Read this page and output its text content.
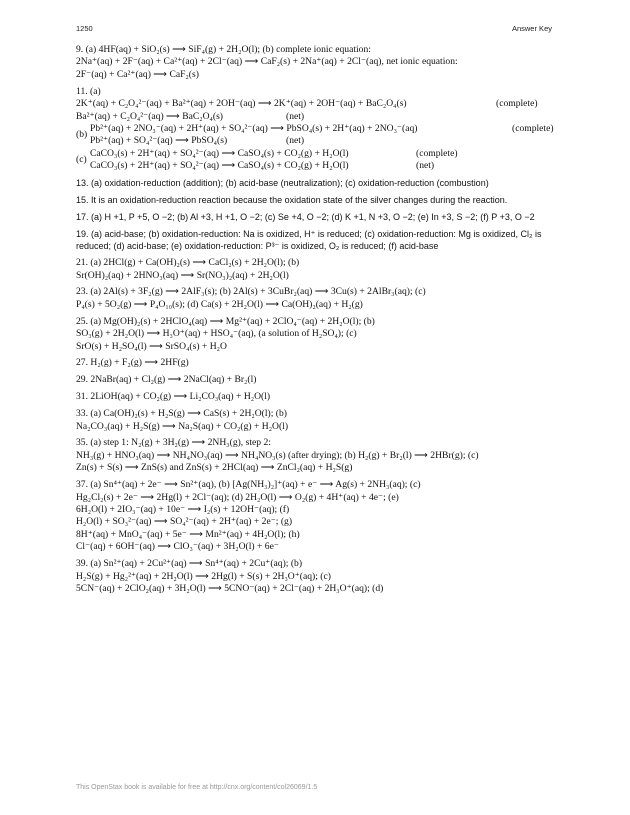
1250	Answer Key
9. (a) 4HF(aq) + SiO₂(s) ⟶ SiF₄(g) + 2H₂O(l); (b) complete ionic equation:
2Na⁺(aq) + 2F⁻(aq) + Ca²⁺(aq) + 2Cl⁻(aq) ⟶ CaF₂(s) + 2Na⁺(aq) + 2Cl⁻(aq), net ionic equation:
2F⁻(aq) + Ca²⁺(aq) ⟶ CaF₂(s)
11. (a)
2K⁺(aq) + C₂O₄²⁻(aq) + Ba²⁺(aq) + 2OH⁻(aq) ⟶ 2K⁺(aq) + 2OH⁻(aq) + BaC₂O₄(s)	(complete)
Ba²⁺(aq) + C₂O₄²⁻(aq) ⟶ BaC₂O₄(s)	(net)
(b)
Pb²⁺(aq) + 2NO₃⁻(aq) + 2H⁺(aq) + SO₄²⁻(aq) ⟶ PbSO₄(s) + 2H⁺(aq) + 2NO₃⁻(aq)	(complete)
Pb²⁺(aq) + SO₄²⁻(aq) ⟶ PbSO₄(s)	(net)
(c)
CaCO₃(s) + 2H⁺(aq) + SO₄²⁻(aq) ⟶ CaSO₄(s) + CO₂(g) + H₂O(l)	(complete)
CaCO₃(s) + 2H⁺(aq) + SO₄²⁻(aq) ⟶ CaSO₄(s) + CO₂(g) + H₂O(l)	(net)
13. (a) oxidation-reduction (addition); (b) acid-base (neutralization); (c) oxidation-reduction (combustion)
15. It is an oxidation-reduction reaction because the oxidation state of the silver changes during the reaction.
17. (a) H +1, P +5, O −2; (b) Al +3, H +1, O −2; (c) Se +4, O −2; (d) K +1, N +3, O −2; (e) In +3, S −2; (f) P +3, O −2
19. (a) acid-base; (b) oxidation-reduction: Na is oxidized, H⁺ is reduced; (c) oxidation-reduction: Mg is oxidized, Cl₂ is reduced; (d) acid-base; (e) oxidation-reduction: P³⁻ is oxidized, O₂ is reduced; (f) acid-base
21. (a) 2HCl(g) + Ca(OH)₂(s) ⟶ CaCl₂(s) + 2H₂O(l); (b)
Sr(OH)₂(aq) + 2HNO₃(aq) ⟶ Sr(NO₃)₂(aq) + 2H₂O(l)
23. (a) 2Al(s) + 3F₂(g) ⟶ 2AlF₃(s); (b) 2Al(s) + 3CuBr₂(aq) ⟶ 3Cu(s) + 2AlBr₃(aq); (c)
P₄(s) + 5O₂(g) ⟶ P₄O₁₀(s); (d) Ca(s) + 2H₂O(l) ⟶ Ca(OH)₂(aq) + H₂(g)
25. (a) Mg(OH)₂(s) + 2HClO₄(aq) ⟶ Mg²⁺(aq) + 2ClO₄⁻(aq) + 2H₂O(l); (b)
SO₃(g) + 2H₂O(l) ⟶ H₃O⁺(aq) + HSO₄⁻(aq), (a solution of H₂SO₄); (c)
SrO(s) + H₂SO₄(l) ⟶ SrSO₄(s) + H₂O
27. H₂(g) + F₂(g) ⟶ 2HF(g)
29. 2NaBr(aq) + Cl₂(g) ⟶ 2NaCl(aq) + Br₂(l)
31. 2LiOH(aq) + CO₂(g) ⟶ Li₂CO₃(aq) + H₂O(l)
33. (a) Ca(OH)₂(s) + H₂S(g) ⟶ CaS(s) + 2H₂O(l); (b)
Na₂CO₃(aq) + H₂S(g) ⟶ Na₂S(aq) + CO₂(g) + H₂O(l)
35. (a) step 1: N₂(g) + 3H₂(g) ⟶ 2NH₃(g), step 2:
NH₃(g) + HNO₃(aq) ⟶ NH₄NO₃(aq) ⟶ NH₄NO₃(s) (after drying); (b) H₂(g) + Br₂(l) ⟶ 2HBr(g); (c)
Zn(s) + S(s) ⟶ ZnS(s) and ZnS(s) + 2HCl(aq) ⟶ ZnCl₂(aq) + H₂S(g)
37. (a) Sn⁴⁺(aq) + 2e⁻ ⟶ Sn²⁺(aq), (b) [Ag(NH₃)₂]⁺(aq) + e⁻ ⟶ Ag(s) + 2NH₃(aq); (c)
Hg₂Cl₂(s) + 2e⁻ ⟶ 2Hg(l) + 2Cl⁻(aq); (d) 2H₂O(l) ⟶ O₂(g) + 4H⁺(aq) + 4e⁻; (e)
6H₂O(l) + 2IO₃⁻(aq) + 10e⁻ ⟶ I₂(s) + 12OH⁻(aq); (f)
H₂O(l) + SO₃²⁻(aq) ⟶ SO₄²⁻(aq) + 2H⁺(aq) + 2e⁻; (g)
8H⁺(aq) + MnO₄⁻(aq) + 5e⁻ ⟶ Mn²⁺(aq) + 4H₂O(l); (h)
Cl⁻(aq) + 6OH⁻(aq) ⟶ ClO₃⁻(aq) + 3H₂O(l) + 6e⁻
39. (a) Sn²⁺(aq) + 2Cu²⁺(aq) ⟶ Sn⁴⁺(aq) + 2Cu⁺(aq); (b)
H₂S(g) + Hg₂²⁺(aq) + 2H₂O(l) ⟶ 2Hg(l) + S(s) + 2H₃O⁺(aq); (c)
5CN⁻(aq) + 2ClO₂(aq) + 3H₂O(l) ⟶ 5CNO⁻(aq) + 2Cl⁻(aq) + 2H₃O⁺(aq); (d)
This OpenStax book is available for free at http://cnx.org/content/col26069/1.5
